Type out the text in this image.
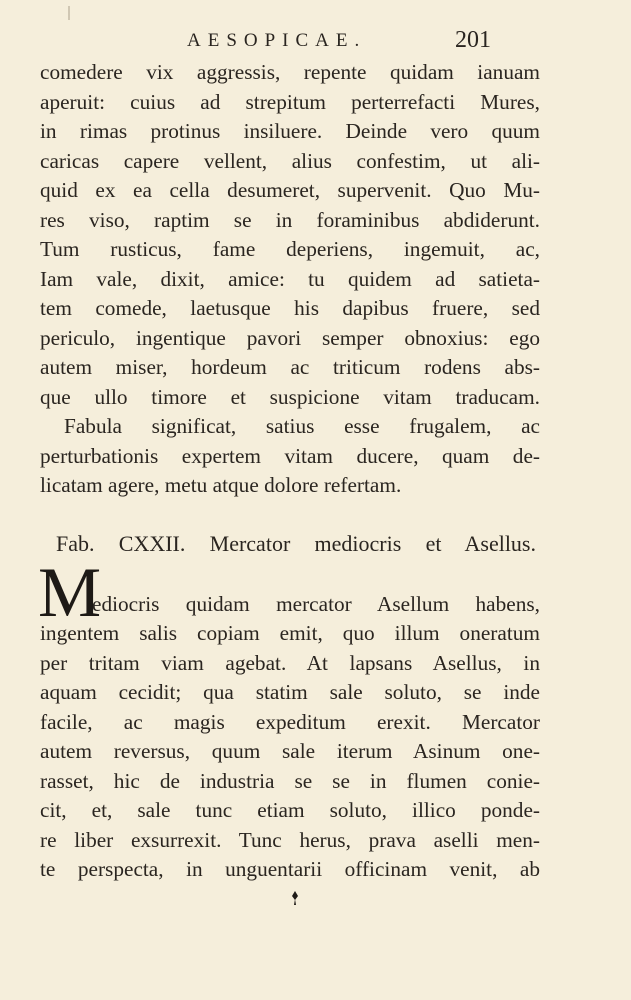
AESOPICAE.	201
comedere vix aggressis, repente quidam ianuam
aperuit: cuius ad strepitum perterrefacti Mures,
in rimas protinus insiluere. Deinde vero quum
caricas capere vellent, alius confestim, ut ali-
quid ex ea cella desumeret, supervenit. Quo Mu-
res viso, raptim se in foraminibus abdiderunt.
Tum rusticus, fame deperiens, ingemuit, ac,
Iam vale, dixit, amice: tu quidem ad satieta-
tem comede, laetusque his dapibus fruere, sed
periculo, ingentique pavori semper obnoxius: ego
autem miser, hordeum ac triticum rodens abs-
que ullo timore et suspicione vitam traducam.
Fabula significat, satius esse frugalem, ac
perturbationis expertem vitam ducere, quam de-
licatam agere, metu atque dolore refertam.
Fab. CXXII. Mercator mediocris et Asellus.
M
ediocris quidam mercator Asellum habens,
ingentem salis copiam emit, quo illum oneratum
per tritam viam agebat. At lapsans Asellus, in
aquam cecidit; qua statim sale soluto, se inde
facile, ac magis expeditum erexit. Mercator
autem reversus, quum sale iterum Asinum one-
rasset, hic de industria se se in flumen conie-
cit, et, sale tunc etiam soluto, illico ponde-
re liber exsurrexit. Tunc herus, prava aselli men-
te perspecta, in unguentarii officinam venit, ab
